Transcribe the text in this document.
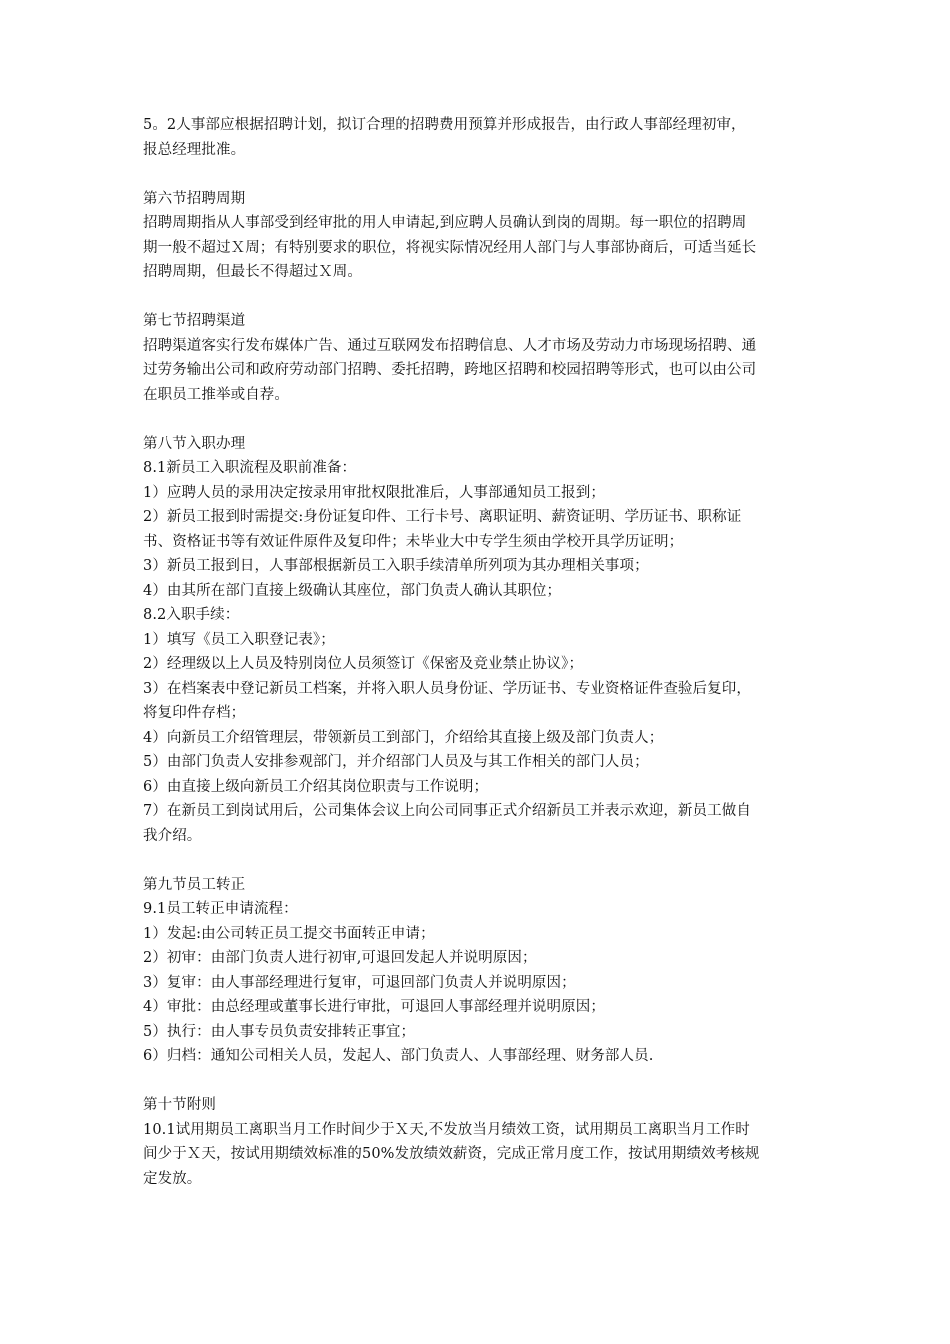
5。2人事部应根据招聘计划，拟订合理的招聘费用预算并形成报告，由行政人事部经理初审，
报总经理批准。
第六节招聘周期
招聘周期指从人事部受到经审批的用人申请起,到应聘人员确认到岗的周期。每一职位的招聘周
期一般不超过Ｘ周；有特别要求的职位，将视实际情况经用人部门与人事部协商后，可适当延长
招聘周期，但最长不得超过Ｘ周。
第七节招聘渠道
招聘渠道客实行发布媒体广告、通过互联网发布招聘信息、人才市场及劳动力市场现场招聘、通
过劳务输出公司和政府劳动部门招聘、委托招聘，跨地区招聘和校园招聘等形式，也可以由公司
在职员工推举或自荐。
第八节入职办理
8.1新员工入职流程及职前准备：
1）应聘人员的录用决定按录用审批权限批准后，人事部通知员工报到；
2）新员工报到时需提交:身份证复印件、工行卡号、离职证明、薪资证明、学历证书、职称证
书、资格证书等有效证件原件及复印件；未毕业大中专学生须由学校开具学历证明；
3）新员工报到日，人事部根据新员工入职手续清单所列项为其办理相关事项；
4）由其所在部门直接上级确认其座位，部门负责人确认其职位；
8.2入职手续：
1）填写《员工入职登记表》；
2）经理级以上人员及特别岗位人员须签订《保密及竞业禁止协议》；
3）在档案表中登记新员工档案，并将入职人员身份证、学历证书、专业资格证件查验后复印，
将复印件存档；
4）向新员工介绍管理层，带领新员工到部门，介绍给其直接上级及部门负责人；
5）由部门负责人安排参观部门，并介绍部门人员及与其工作相关的部门人员；
6）由直接上级向新员工介绍其岗位职责与工作说明；
7）在新员工到岗试用后，公司集体会议上向公司同事正式介绍新员工并表示欢迎，新员工做自
我介绍。
第九节员工转正
9.1员工转正申请流程：
1）发起:由公司转正员工提交书面转正申请；
2）初审：由部门负责人进行初审,可退回发起人并说明原因；
3）复审：由人事部经理进行复审，可退回部门负责人并说明原因；
4）审批：由总经理或董事长进行审批，可退回人事部经理并说明原因；
5）执行：由人事专员负责安排转正事宜；
6）归档：通知公司相关人员，发起人、部门负责人、人事部经理、财务部人员.
第十节附则
10.1试用期员工离职当月工作时间少于Ｘ天,不发放当月绩效工资，试用期员工离职当月工作时
间少于Ｘ天，按试用期绩效标准的50%发放绩效薪资，完成正常月度工作，按试用期绩效考核规
定发放。
